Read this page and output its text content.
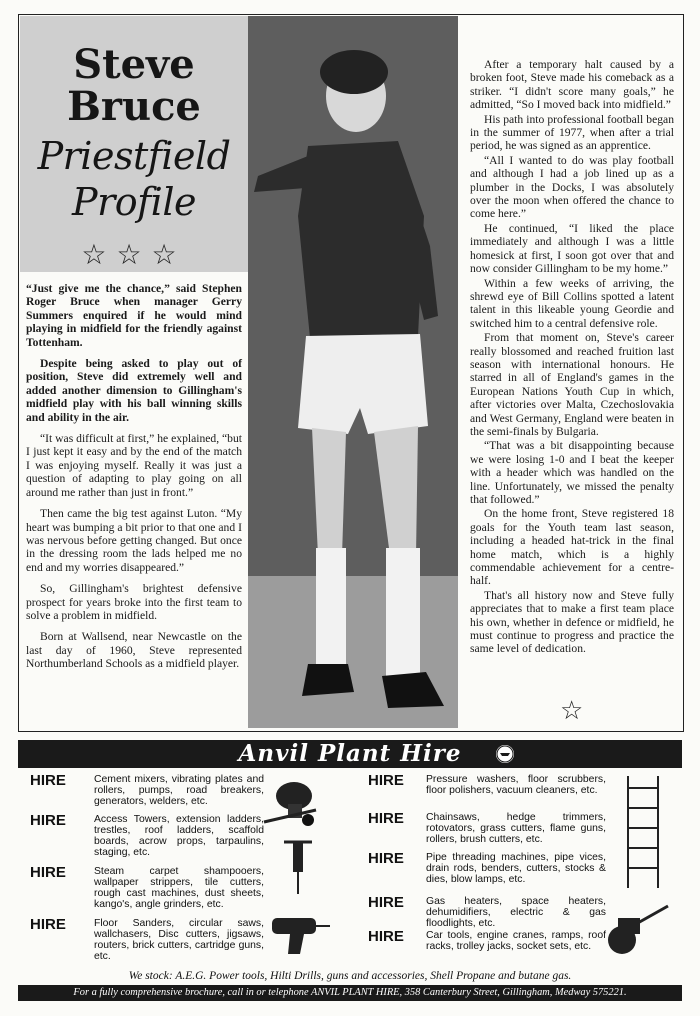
Steve
Bruce
Priestfield
Profile
☆☆☆

“Just give me the chance,” said Stephen Roger Bruce when manager Gerry Summers enquired if he would mind playing in midfield for the friendly against Tottenham.

Despite being asked to play out of position, Steve did extremely well and added another dimension to Gillingham's midfield play with his ball winning skills and ability in the air.

“It was difficult at first,” he explained, “but I just kept it easy and by the end of the match I was enjoying myself. Really it was just a question of adapting to play going on all around me rather than just in front.”

Then came the big test against Luton. “My heart was bumping a bit prior to that one and I was nervous before getting changed. But once in the dressing room the lads helped me no end and my worries disappeared.”

So, Gillingham's brightest defensive prospect for years broke into the first team to solve a problem in midfield.

Born at Wallsend, near Newcastle on the last day of 1960, Steve represented Northumberland Schools as a midfield player.

After a temporary halt caused by a broken foot, Steve made his comeback as a striker. “I didn't score many goals,” he admitted, “So I moved back into midfield.”

His path into professional football began in the summer of 1977, when after a trial period, he was signed as an apprentice.

“All I wanted to do was play football and although I had a job lined up as a plumber in the Docks, I was absolutely over the moon when offered the chance to come here.”

He continued, “I liked the place immediately and although I was a little homesick at first, I soon got over that and now consider Gillingham to be my home.”

Within a few weeks of arriving, the shrewd eye of Bill Collins spotted a latent talent in this likeable young Geordie and switched him to a central defensive role.

From that moment on, Steve's career really blossomed and reached fruition last season with international honours. He starred in all of England's games in the European Nations Youth Cup in which, after victories over Malta, Czechoslovakia and West Germany, England were beaten in the semi-finals by Bulgaria.

“That was a bit disappointing because we were losing 1-0 and I beat the keeper with a header which was handled on the line. Unfortunately, we missed the penalty that followed.”

On the home front, Steve registered 18 goals for the Youth team last season, including a headed hat-trick in the final home match, which is a highly commendable achievement for a centre-half.

That's all history now and Steve fully appreciates that to make a first team place his own, whether in defence or midfield, he must continue to progress and practice the same level of dedication.

☆
Anvil Plant Hire
HIRE	Cement mixers, vibrating plates and rollers, pumps, road breakers, generators, welders, etc.
HIRE	Access Towers, extension ladders, trestles, roof ladders, scaffold boards, acrow props, tarpaulins, staging, etc.
HIRE	Steam carpet shampooers, wallpaper strippers, tile cutters, rough cast machines, dust sheets, kango's, angle grinders, etc.
HIRE	Floor Sanders, circular saws, wallchasers, Disc cutters, jigsaws, routers, brick cutters, cartridge guns, etc.
HIRE Pressure washers, floor scrubbers, floor polishers, vacuum cleaners, etc.
HIRE Chainsaws, hedge trimmers, rotovators, grass cutters, flame guns, rollers, brush cutters, etc.
HIRE Pipe threading machines, pipe vices, drain rods, benders, cutters, stocks & dies, blow lamps, etc.
HIRE Gas heaters, space heaters, dehumidifiers, electric & gas floodlights, etc.
HIRE Car tools, engine cranes, ramps, roof racks, trolley jacks, socket sets, etc.
We stock: A.E.G. Power tools, Hilti Drills, guns and accessories, Shell Propane and butane gas.
For a fully comprehensive brochure, call in or telephone ANVIL PLANT HIRE, 358 Canterbury Street, Gillingham, Medway 575221.
